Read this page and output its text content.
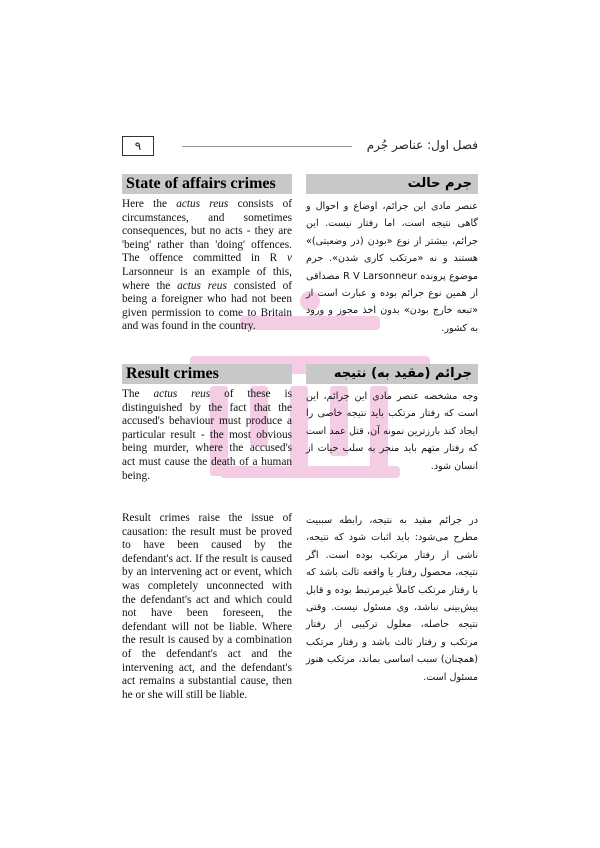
۹	فصل اول: عناصر جُرم
State of affairs crimes
Here the actus reus consists of circumstances, and sometimes consequences, but no acts - they are 'being' rather than 'doing' offences. The offence committed in R v Larsonneur is an example of this, where the actus reus consisted of being a foreigner who had not been given permission to come to Britain and was found in the country.
جرم حالت
عنصر مادی این جرائم، اوضاع و احوال و گاهی نتیجه است، اما رفتار نیست. این جرائم، بیشتر از نوع «بودن (در وضعیتی)» هستند و نه «مرتکب کاری شدن». جرم موضوع پرونده R V Larsonneur مصداقی از همین نوع جرائم بوده و عبارت است از «تبعه خارج بودن» بدون اخذ مجوز و ورود به کشور.
Result crimes
The actus reus of these is distinguished by the fact that the accused's behaviour must produce a particular result - the most obvious being murder, where the accused's act must cause the death of a human being.
جرائم (مقید به) نتیجه
وجه مشخصه عنصر مادی این جرائم، این است که رفتار مرتکب باید نتیجه خاصی را ایجاد کند بارزترین نمونه آن، قتل عمد است که رفتار متهم باید منجر به سلب حیات از انسان شود.
Result crimes raise the issue of causation: the result must be proved to have been caused by the defendant's act. If the result is caused by an intervening act or event, which was completely unconnected with the defendant's act and which could not have been foreseen, the defendant will not be liable. Where the result is caused by a combination of the defendant's act and the intervening act, and the defendant's act remains a substantial cause, then he or she will still be liable.
در جرائم مقید به نتیجه، رابطه سببیت مطرح می‌شود: باید اثبات شود که نتیجه، ناشی از رفتار مرتکب بوده است. اگر نتیجه، محصول رفتار یا واقعه ثالث باشد که با رفتار مرتکب کاملاً غیرمرتبط بوده و قابل پیش‌بینی نباشد، وی مسئول نیست. وقتی نتیجه حاصله، معلول ترکیبی از رفتار مرتکب و رفتار ثالث باشد و رفتار مرتکب (همچنان) سبب اساسی بماند، مرتکب هنوز مسئول است.
